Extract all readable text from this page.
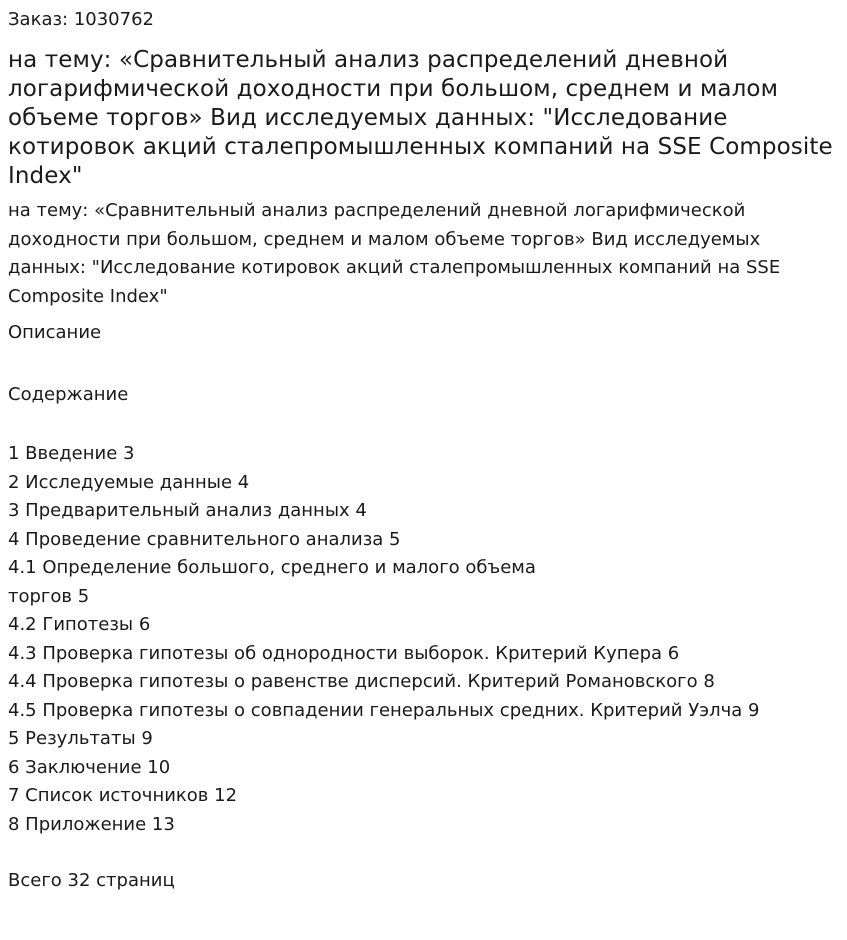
Заказ: 1030762
на тему: «Сравнительный анализ распределений дневной логарифмической доходности при большом, среднем и малом объеме торгов» Вид исследуемых данных: "Исследование котировок акций сталепромышленных компаний на SSE Composite Index"

на тему: «Сравнительный анализ распределений дневной логарифмической доходности при большом, среднем и малом объеме торгов» Вид исследуемых данных: "Исследование котировок акций сталепромышленных компаний на SSE Composite Index"

Описание

Содержание

1 Введение 3
2 Исследуемые данные 4
3 Предварительный анализ данных 4
4 Проведение сравнительного анализа 5
4.1 Определение большого, среднего и малого объема
торгов 5
4.2 Гипотезы 6
4.3 Проверка гипотезы об однородности выборок. Критерий Купера 6
4.4 Проверка гипотезы о равенстве дисперсий. Критерий Романовского 8
4.5 Проверка гипотезы о совпадении генеральных средних. Критерий Уэлча 9
5 Результаты 9
6 Заключение 10
7 Список источников 12
8 Приложение 13

Всего 32 страниц
